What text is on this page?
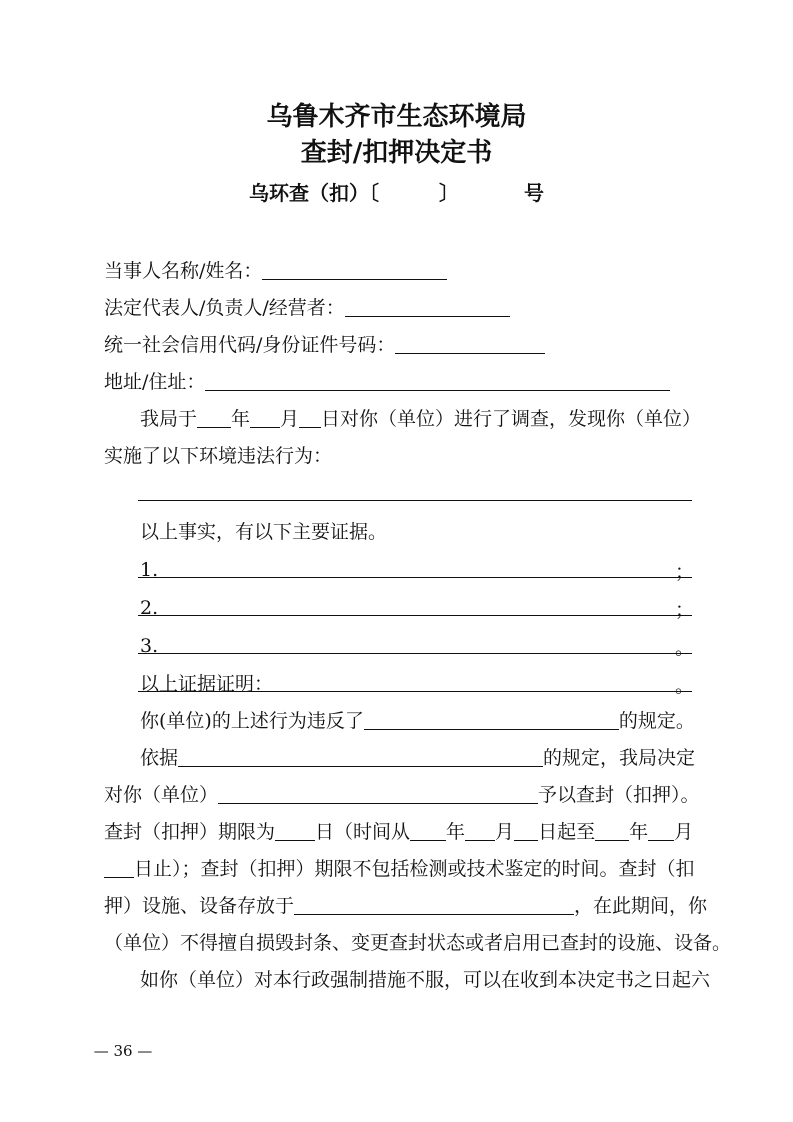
乌鲁木齐市生态环境局
查封/扣押决定书
乌环查（扣）〔	〕	号
当事人名称/姓名：
法定代表人/负责人/经营者：
统一社会信用代码/身份证件号码：
地址/住址：
我局于 年 月 日对你（单位）进行了调查，发现你（单位）
实施了以下环境违法行为：
以上事实，有以下主要证据。
1.	；
2.	；
3.	。
以上证据证明：	。
你(单位)的上述行为违反了	的规定。
依据	的规定，我局决定
对你（单位）	予以查封（扣押）。
查封（扣押）期限为 日（时间从 年 月 日起至 年 月
日止）；查封（扣押）期限不包括检测或技术鉴定的时间。查封（扣
押）设施、设备存放于	，在此期间，你
（单位）不得擅自损毁封条、变更查封状态或者启用已查封的设施、设备。
如你（单位）对本行政强制措施不服，可以在收到本决定书之日起六
— 36 —
